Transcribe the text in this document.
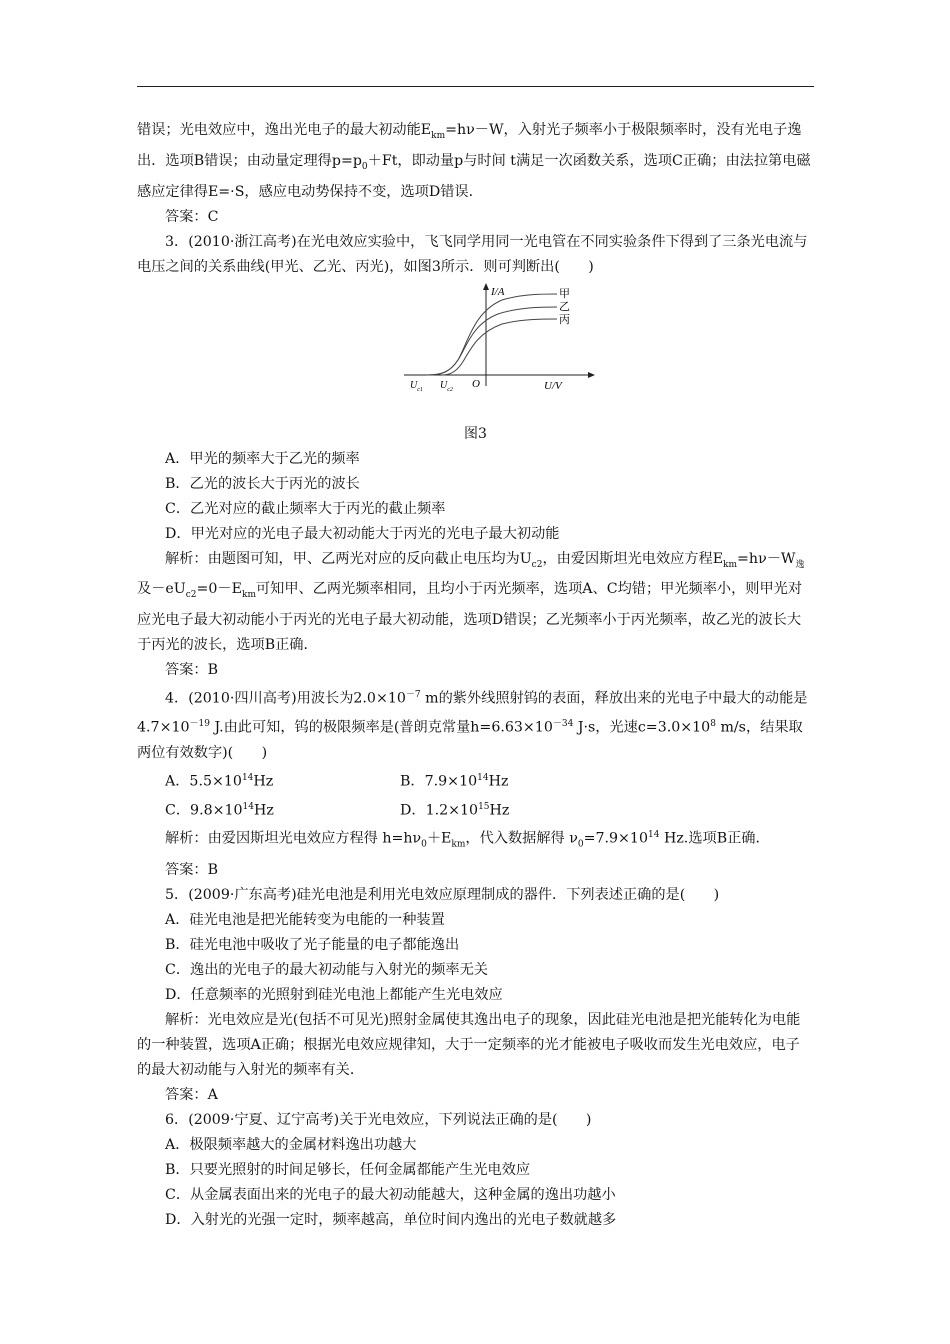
错误；光电效应中，逸出光电子的最大初动能$E_{km}=h\nu-W$，入射光子频率小于极限频率时，没有光电子逸出．选项B错误；由动量定理得$p=p_0+Ft$，即动量p与时间 t满足一次函数关系，选项C正确；由法拉第电磁感应定律得E=·S，感应电动势保持不变，选项D错误．

答案：C

3．(2010·浙江高考)在光电效应实验中，飞飞同学用同一光电管在不同实验条件下得到了三条光电流与电压之间的关系曲线(甲光、乙光、丙光)，如图3所示．则可判断出(　　)

I/A
U/V
O
甲
乙
丙
$U_{c1}$ $U_{c2}$

图3

A．甲光的频率大于乙光的频率

B．乙光的波长大于丙光的波长

C．乙光对应的截止频率大于丙光的截止频率

D．甲光对应的光电子最大初动能大于丙光的光电子最大初动能

解析：由题图可知，甲、乙两光对应的反向截止电压均为$U_{c2}$，由爱因斯坦光电效应方程$E_{km}=h\nu-W_逸$及$-eU_{c2}=0-E_{km}$可知甲、乙两光频率相同，且均小于丙光频率，选项A、C均错；甲光频率小，则甲光对应光电子最大初动能小于丙光的光电子最大初动能，选项D错误；乙光频率小于丙光频率，故乙光的波长大于丙光的波长，选项B正确．

答案：B

4．(2010·四川高考)用波长为$2.0\times 10^{-7}$ m的紫外线照射钨的表面，释放出来的光电子中最大的动能是$4.7\times 10^{-19}$ J.由此可知，钨的极限频率是(普朗克常量$h=6.63\times 10^{-34}$ J·s，光速$c=3.0\times 10^8$ m/s，结果取两位有效数字)(　　)

A．$5.5\times 10^{14}Hz$	B．$7.9\times 10^{14}Hz$

C．$9.8\times 10^{14}Hz$	D．$1.2\times 10^{15}Hz$

解析：由爱因斯坦光电效应方程得 $h=h\nu_0+E_{km}$，代入数据解得 $\nu_0=7.9\times 10^{14}$ Hz.选项B正确．

答案：B

5．(2009·广东高考)硅光电池是利用光电效应原理制成的器件．下列表述正确的是(　　)

A．硅光电池是把光能转变为电能的一种装置

B．硅光电池中吸收了光子能量的电子都能逸出

C．逸出的光电子的最大初动能与入射光的频率无关

D．任意频率的光照射到硅光电池上都能产生光电效应

解析：光电效应是光(包括不可见光)照射金属使其逸出电子的现象，因此硅光电池是把光能转化为电能的一种装置，选项A正确；根据光电效应规律知，大于一定频率的光才能被电子吸收而发生光电效应，电子的最大初动能与入射光的频率有关．

答案：A

6．(2009·宁夏、辽宁高考)关于光电效应，下列说法正确的是(　　)

A．极限频率越大的金属材料逸出功越大

B．只要光照射的时间足够长，任何金属都能产生光电效应

C．从金属表面出来的光电子的最大初动能越大，这种金属的逸出功越小

D．入射光的光强一定时，频率越高，单位时间内逸出的光电子数就越多
